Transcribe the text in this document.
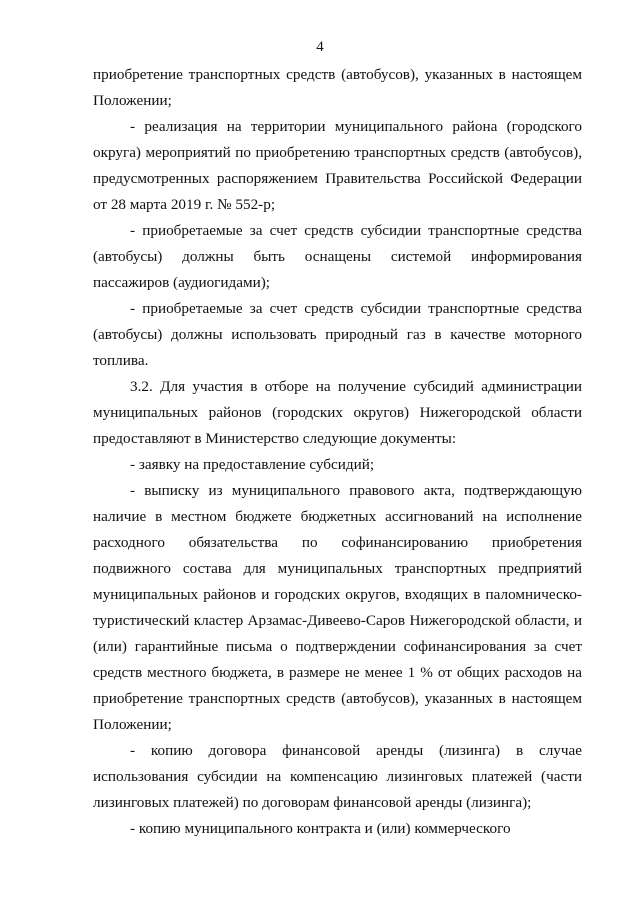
4

приобретение транспортных средств (автобусов), указанных в настоящем Положении;

- реализация на территории муниципального района (городского округа) мероприятий по приобретению транспортных средств (автобусов), предусмотренных распоряжением Правительства Российской Федерации от 28 марта 2019 г. № 552-р;

- приобретаемые за счет средств субсидии транспортные средства (автобусы) должны быть оснащены системой информирования пассажиров (аудиогидами);

- приобретаемые за счет средств субсидии транспортные средства (автобусы) должны использовать природный газ в качестве моторного топлива.

3.2. Для участия в отборе на получение субсидий администрации муниципальных районов (городских округов) Нижегородской области предоставляют в Министерство следующие документы:

- заявку на предоставление субсидий;

- выписку из муниципального правового акта, подтверждающую наличие в местном бюджете бюджетных ассигнований на исполнение расходного обязательства по софинансированию приобретения подвижного состава для муниципальных транспортных предприятий муниципальных районов и городских округов, входящих в паломническо-туристический кластер Арзамас-Дивеево-Саров Нижегородской области, и (или) гарантийные письма о подтверждении софинансирования за счет средств местного бюджета, в размере не менее 1 % от общих расходов на приобретение транспортных средств (автобусов), указанных в настоящем Положении;

- копию договора финансовой аренды (лизинга) в случае использования субсидии на компенсацию лизинговых платежей (части лизинговых платежей) по договорам финансовой аренды (лизинга);

- копию муниципального контракта и (или) коммерческого
